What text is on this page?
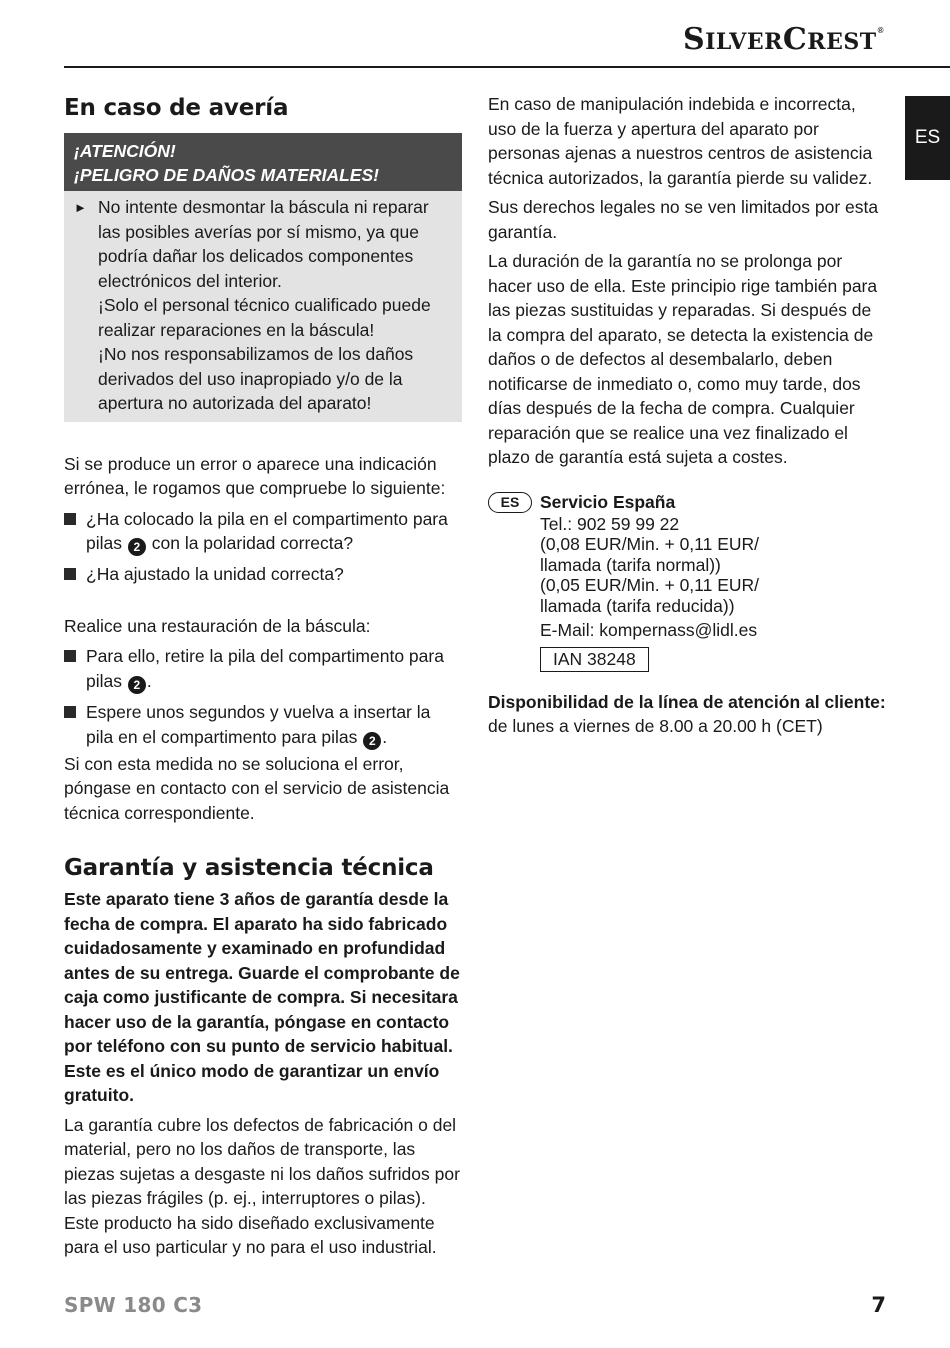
SILVERCREST®
ES
En caso de avería
¡ATENCIÓN!
¡PELIGRO DE DAÑOS MATERIALES!
► No intente desmontar la báscula ni reparar
las posibles averías por sí mismo, ya que
podría dañar los delicados componentes
electrónicos del interior.
¡Solo el personal técnico cualificado puede
realizar reparaciones en la báscula!
¡No nos responsabilizamos de los daños
derivados del uso inapropiado y/o de la
apertura no autorizada del aparato!

Si se produce un error o aparece una indicación errónea, le rogamos que compruebe lo siguiente:

¿Ha colocado la pila en el compartimento para pilas 2 con la polaridad correcta?
¿Ha ajustado la unidad correcta?

Realice una restauración de la báscula:

Para ello, retire la pila del compartimento para pilas 2 .
Espere unos segundos y vuelva a insertar la pila en el compartimento para pilas 2 .

Si con esta medida no se soluciona el error, póngase en contacto con el servicio de asistencia técnica correspondiente.

Garantía y asistencia técnica

Este aparato tiene 3 años de garantía desde la fecha de compra. El aparato ha sido fabricado cuidadosamente y examinado en profundidad antes de su entrega. Guarde el comprobante de caja como justificante de compra. Si necesitara hacer uso de la garantía, póngase en contacto por teléfono con su punto de servicio habitual. Este es el único modo de garantizar un envío gratuito.

La garantía cubre los defectos de fabricación o del material, pero no los daños de transporte, las piezas sujetas a desgaste ni los daños sufridos por las piezas frágiles (p. ej., interruptores o pilas). Este producto ha sido diseñado exclusivamente para el uso particular y no para el uso industrial.

En caso de manipulación indebida e incorrecta, uso de la fuerza y apertura del aparato por personas ajenas a nuestros centros de asistencia técnica autorizados, la garantía pierde su validez.

Sus derechos legales no se ven limitados por esta garantía.

La duración de la garantía no se prolonga por hacer uso de ella. Este principio rige también para las piezas sustituidas y reparadas. Si después de la compra del aparato, se detecta la existencia de daños o de defectos al desembalarlo, deben notificarse de inmediato o, como muy tarde, dos días después de la fecha de compra. Cualquier reparación que se realice una vez finalizado el plazo de garantía está sujeta a costes.

ES	Servicio España
Tel.: 902 59 99 22
(0,08 EUR/Min. + 0,11 EUR/
llamada (tarifa normal))
(0,05 EUR/Min. + 0,11 EUR/
llamada (tarifa reducida))
E-Mail: kompernass@lidl.es
IAN 38248

Disponibilidad de la línea de atención al cliente:

de lunes a viernes de 8.00 a 20.00 h (CET)

SPW 180 C3	7
